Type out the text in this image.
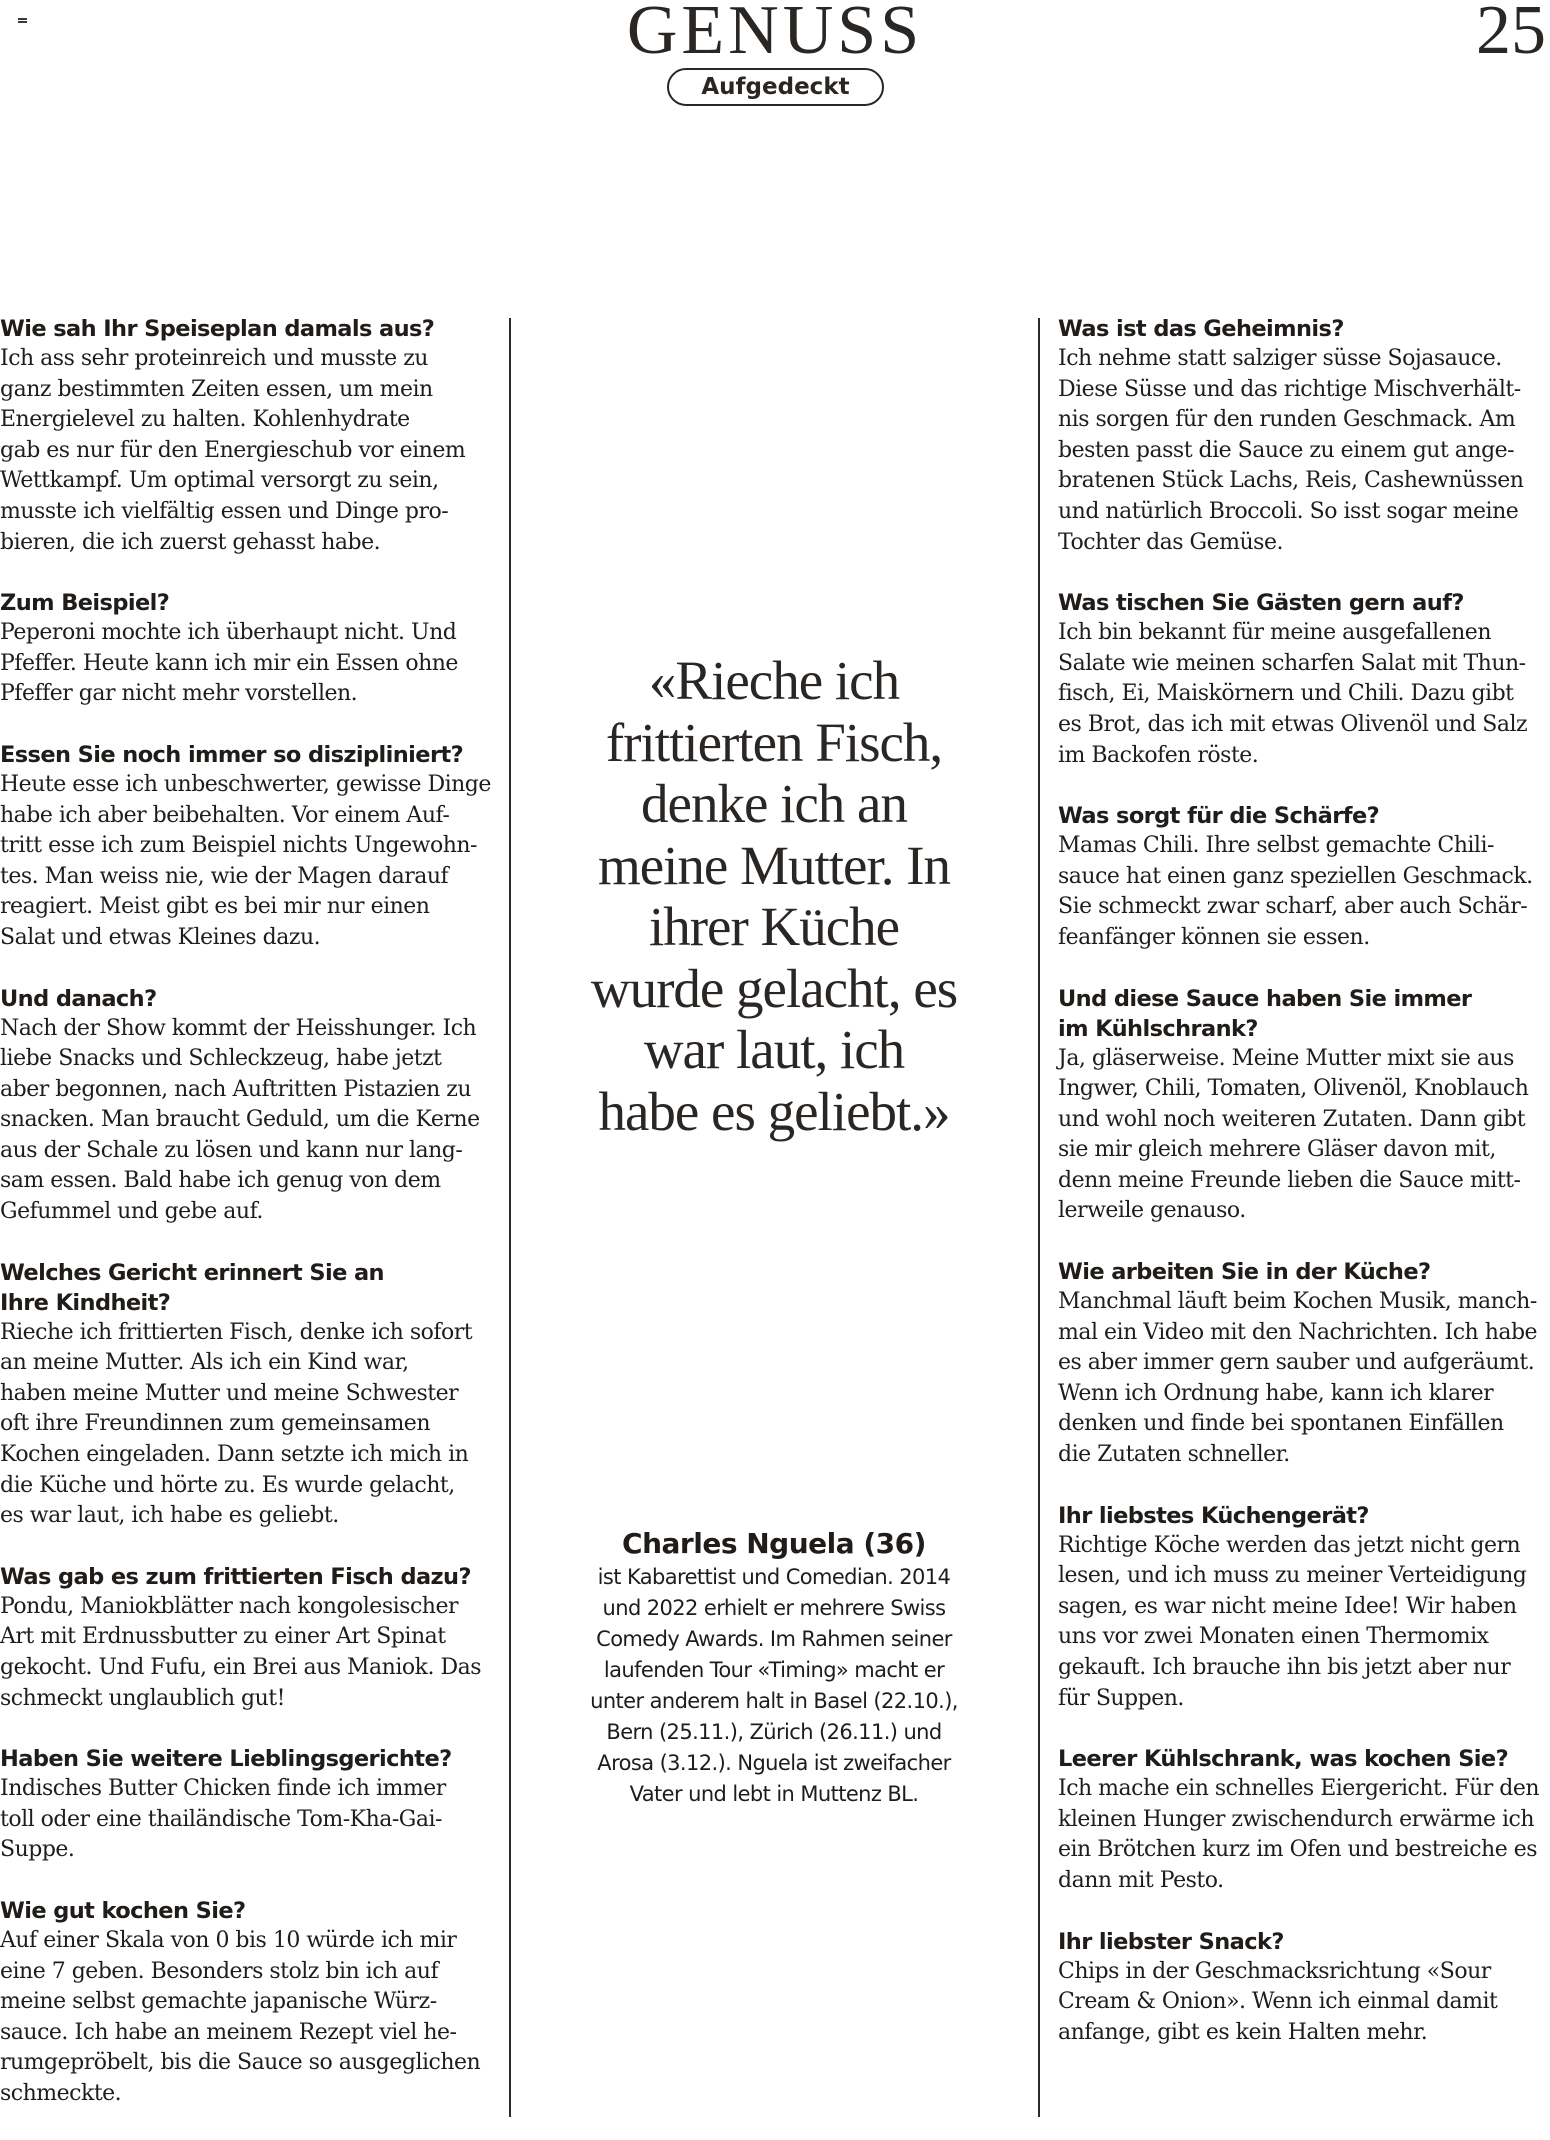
GENUSS	25
Aufgedeckt

Wie sah Ihr Speiseplan damals aus?

Ich ass sehr proteinreich und musste zu
ganz bestimmten Zeiten essen, um mein
Energielevel zu halten. Kohlenhydrate
gab es nur für den Energieschub vor einem
Wettkampf. Um optimal versorgt zu sein,
musste ich vielfältig essen und Dinge pro-
bieren, die ich zuerst gehasst habe.

Zum Beispiel?

Peperoni mochte ich überhaupt nicht. Und
Pfeffer. Heute kann ich mir ein Essen ohne
Pfeffer gar nicht mehr vorstellen.

Essen Sie noch immer so diszipliniert?

Heute esse ich unbeschwerter, gewisse Dinge
habe ich aber beibehalten. Vor einem Auf-
tritt esse ich zum Beispiel nichts Ungewohn-
tes. Man weiss nie, wie der Magen darauf
reagiert. Meist gibt es bei mir nur einen
Salat und etwas Kleines dazu.

Und danach?

Nach der Show kommt der Heisshunger. Ich
liebe Snacks und Schleckzeug, habe jetzt
aber begonnen, nach Auftritten Pistazien zu
snacken. Man braucht Geduld, um die Kerne
aus der Schale zu lösen und kann nur lang-
sam essen. Bald habe ich genug von dem
Gefummel und gebe auf.

Welches Gericht erinnert Sie an
Ihre Kindheit?

Rieche ich frittierten Fisch, denke ich sofort
an meine Mutter. Als ich ein Kind war,
haben meine Mutter und meine Schwester
oft ihre Freundinnen zum gemeinsamen
Kochen eingeladen. Dann setzte ich mich in
die Küche und hörte zu. Es wurde gelacht,
es war laut, ich habe es geliebt.

Was gab es zum frittierten Fisch dazu?

Pondu, Maniokblätter nach kongolesischer
Art mit Erdnussbutter zu einer Art Spinat
gekocht. Und Fufu, ein Brei aus Maniok. Das
schmeckt unglaublich gut!

Haben Sie weitere Lieblingsgerichte?

Indisches Butter Chicken finde ich immer
toll oder eine thailändische Tom-Kha-Gai-
Suppe.

Wie gut kochen Sie?

Auf einer Skala von 0 bis 10 würde ich mir
eine 7 geben. Besonders stolz bin ich auf
meine selbst gemachte japanische Würz-
sauce. Ich habe an meinem Rezept viel he-
rumgepröbelt, bis die Sauce so ausgeglichen
schmeckte.

«Rieche ich
frittierten Fisch,
denke ich an
meine Mutter. In
ihrer Küche
wurde gelacht, es
war laut, ich
habe es geliebt.»

Charles Nguela (36)

ist Kabarettist und Comedian. 2014
und 2022 erhielt er mehrere Swiss
Comedy Awards. Im Rahmen seiner
laufenden Tour «Timing» macht er
unter anderem halt in Basel (22.10.),
Bern (25.11.), Zürich (26.11.) und
Arosa (3.12.). Nguela ist zweifacher
Vater und lebt in Muttenz BL.

Was ist das Geheimnis?

Ich nehme statt salziger süsse Sojasauce.
Diese Süsse und das richtige Mischverhält-
nis sorgen für den runden Geschmack. Am
besten passt die Sauce zu einem gut ange-
bratenen Stück Lachs, Reis, Cashewnüssen
und natürlich Broccoli. So isst sogar meine
Tochter das Gemüse.

Was tischen Sie Gästen gern auf?

Ich bin bekannt für meine ausgefallenen
Salate wie meinen scharfen Salat mit Thun-
fisch, Ei, Maiskörnern und Chili. Dazu gibt
es Brot, das ich mit etwas Olivenöl und Salz
im Backofen röste.

Was sorgt für die Schärfe?

Mamas Chili. Ihre selbst gemachte Chili-
sauce hat einen ganz speziellen Geschmack.
Sie schmeckt zwar scharf, aber auch Schär-
feanfänger können sie essen.

Und diese Sauce haben Sie immer
im Kühlschrank?

Ja, gläserweise. Meine Mutter mixt sie aus
Ingwer, Chili, Tomaten, Olivenöl, Knoblauch
und wohl noch weiteren Zutaten. Dann gibt
sie mir gleich mehrere Gläser davon mit,
denn meine Freunde lieben die Sauce mitt-
lerweile genauso.

Wie arbeiten Sie in der Küche?

Manchmal läuft beim Kochen Musik, manch-
mal ein Video mit den Nachrichten. Ich habe
es aber immer gern sauber und aufgeräumt.
Wenn ich Ordnung habe, kann ich klarer
denken und finde bei spontanen Einfällen
die Zutaten schneller.

Ihr liebstes Küchengerät?

Richtige Köche werden das jetzt nicht gern
lesen, und ich muss zu meiner Verteidigung
sagen, es war nicht meine Idee! Wir haben
uns vor zwei Monaten einen Thermomix
gekauft. Ich brauche ihn bis jetzt aber nur
für Suppen.

Leerer Kühlschrank, was kochen Sie?

Ich mache ein schnelles Eiergericht. Für den
kleinen Hunger zwischendurch erwärme ich
ein Brötchen kurz im Ofen und bestreiche es
dann mit Pesto.

Ihr liebster Snack?

Chips in der Geschmacksrichtung «Sour
Cream & Onion». Wenn ich einmal damit
anfange, gibt es kein Halten mehr.
